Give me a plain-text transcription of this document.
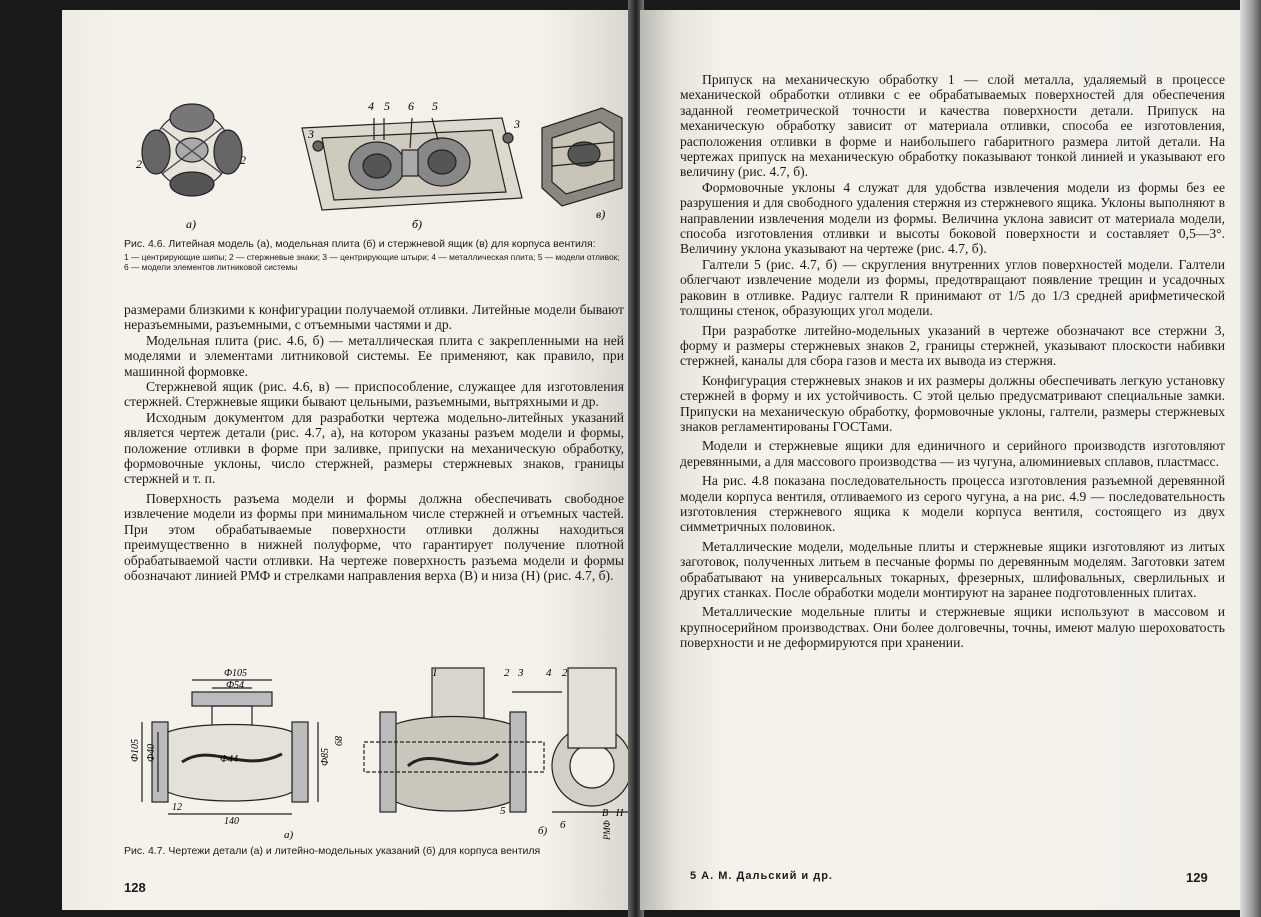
4 5 6 5
3
3
2	2
а)	б)
в)

Рис. 4.6. Литейная модель (а), модельная плита (б) и стержневой ящик (в) для корпуса вентиля:

1 — центрирующие шипы; 2 — стержневые знаки; 3 — центрирующие штыри; 4 — металлическая плита; 5 — модели отливок; 6 — модели элементов литниковой системы

размерами близкими к конфигурации получаемой отливки. Литейные модели бывают неразъемными, разъемными, с отъемными частями и др.

Модельная плита (рис. 4.6, б) — металлическая плита с закрепленными на ней моделями и элементами литниковой системы. Ее применяют, как правило, при машинной формовке.

Стержневой ящик (рис. 4.6, в) — приспособление, служащее для изготовления стержней. Стержневые ящики бывают цельными, разъемными, вытряхными и др.

Исходным документом для разработки чертежа модельно-литейных указаний является чертеж детали (рис. 4.7, а), на котором указаны разъем модели и формы, положение отливки в форме при заливке, припуски на механическую обработку, формовочные уклоны, число стержней, размеры стержневых знаков, границы стержней и т. п.

Поверхность разъема модели и формы должна обеспечивать свободное извлечение модели из формы при минимальном числе стержней и отъемных частей. При этом обрабатываемые поверхности отливки должны находиться преимущественно в нижней полуформе, что гарантирует получение плотной обрабатываемой части отливки. На чертеже поверхность разъема модели и формы обозначают линией РМФ и стрелками направления верха (В) и низа (Н) (рис. 4.7, б).

Ф105
Ф54
Ф44
Ф105 Ф40	Ф85
68
12
140
1	2 3 4 2
5
6
В Н
РМФ
а)	б)

Рис. 4.7. Чертежи детали (а) и литейно-модельных указаний (б) для корпуса вентиля

128

Припуск на механическую обработку 1 — слой металла, удаляемый в процессе механической обработки отливки с ее обрабатываемых поверхностей для обеспечения заданной геометрической точности и качества поверхности детали. Припуск на механическую обработку зависит от материала отливки, способа ее изготовления, расположения отливки в форме и наибольшего габаритного размера литой детали. На чертежах припуск на механическую обработку показывают тонкой линией и указывают его величину (рис. 4.7, б).

Формовочные уклоны 4 служат для удобства извлечения модели из формы без ее разрушения и для свободного удаления стержня из стержневого ящика. Уклоны выполняют в направлении извлечения модели из формы. Величина уклона зависит от материала модели, способа изготовления отливки и высоты боковой поверхности и составляет 0,5—3°. Величину уклона указывают на чертеже (рис. 4.7, б).

Галтели 5 (рис. 4.7, б) — скругления внутренних углов поверхностей модели. Галтели облегчают извлечение модели из формы, предотвращают появление трещин и усадочных раковин в отливке. Радиус галтели R принимают от 1/5 до 1/3 средней арифметической толщины стенок, образующих угол модели.

При разработке литейно-модельных указаний в чертеже обозначают все стержни 3, форму и размеры стержневых знаков 2, границы стержней, указывают плоскости набивки стержней, каналы для сбора газов и места их вывода из стержня.

Конфигурация стержневых знаков и их размеры должны обеспечивать легкую установку стержней в форму и их устойчивость. С этой целью предусматривают специальные замки. Припуски на механическую обработку, формовочные уклоны, галтели, размеры стержневых знаков регламентированы ГОСТами.

Модели и стержневые ящики для единичного и серийного производств изготовляют деревянными, а для массового производства — из чугуна, алюминиевых сплавов, пластмасс.

На рис. 4.8 показана последовательность процесса изготовления разъемной деревянной модели корпуса вентиля, отливаемого из серого чугуна, а на рис. 4.9 — последовательность изготовления стержневого ящика к модели корпуса вентиля, состоящего из двух симметричных половинок.

Металлические модели, модельные плиты и стержневые ящики изготовляют из литых заготовок, полученных литьем в песчаные формы по деревянным моделям. Заготовки затем обрабатывают на универсальных токарных, фрезерных, шлифовальных, сверлильных и других станках. После обработки модели монтируют на заранее подготовленных плитах.

Металлические модельные плиты и стержневые ящики используют в массовом и крупносерийном производствах. Они более долговечны, точны, имеют малую шероховатость поверхности и не деформируются при хранении.

5 А. М. Дальский и др.	129
